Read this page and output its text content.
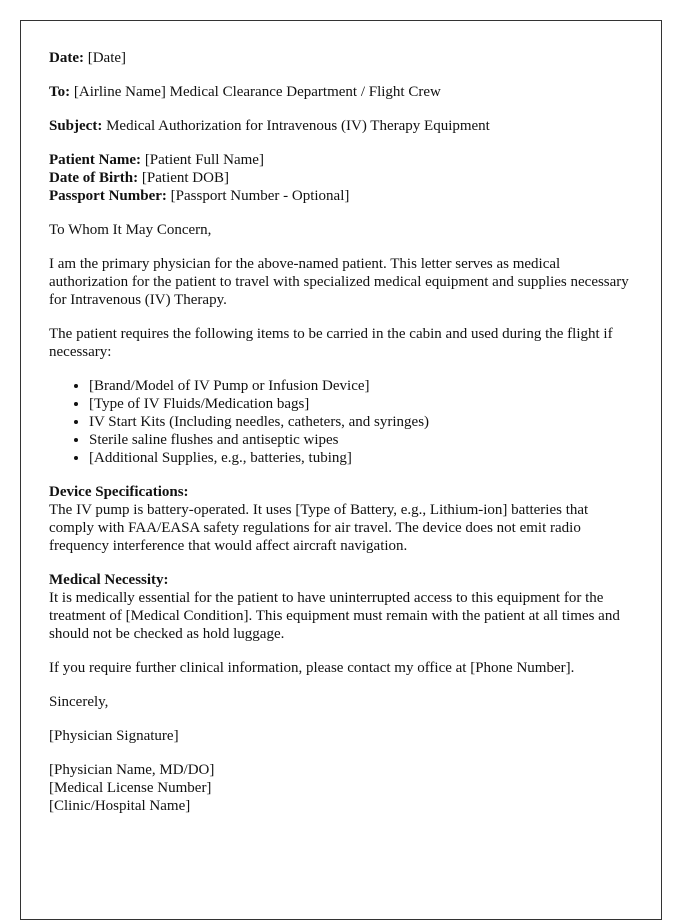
Date: [Date]

To: [Airline Name] Medical Clearance Department / Flight Crew

Subject: Medical Authorization for Intravenous (IV) Therapy Equipment

Patient Name: [Patient Full Name]
Date of Birth: [Patient DOB]
Passport Number: [Passport Number - Optional]

To Whom It May Concern,

I am the primary physician for the above-named patient. This letter serves as medical authorization for the patient to travel with specialized medical equipment and supplies necessary for Intravenous (IV) Therapy.

The patient requires the following items to be carried in the cabin and used during the flight if necessary:

• [Brand/Model of IV Pump or Infusion Device]
• [Type of IV Fluids/Medication bags]
• IV Start Kits (Including needles, catheters, and syringes)
• Sterile saline flushes and antiseptic wipes
• [Additional Supplies, e.g., batteries, tubing]
Device Specifications:
The IV pump is battery-operated. It uses [Type of Battery, e.g., Lithium-ion] batteries that comply with FAA/EASA safety regulations for air travel. The device does not emit radio frequency interference that would affect aircraft navigation.
Medical Necessity:
It is medically essential for the patient to have uninterrupted access to this equipment for the treatment of [Medical Condition]. This equipment must remain with the patient at all times and should not be checked as hold luggage.

If you require further clinical information, please contact my office at [Phone Number].

Sincerely,

[Physician Signature]

[Physician Name, MD/DO]
[Medical License Number]
[Clinic/Hospital Name]
